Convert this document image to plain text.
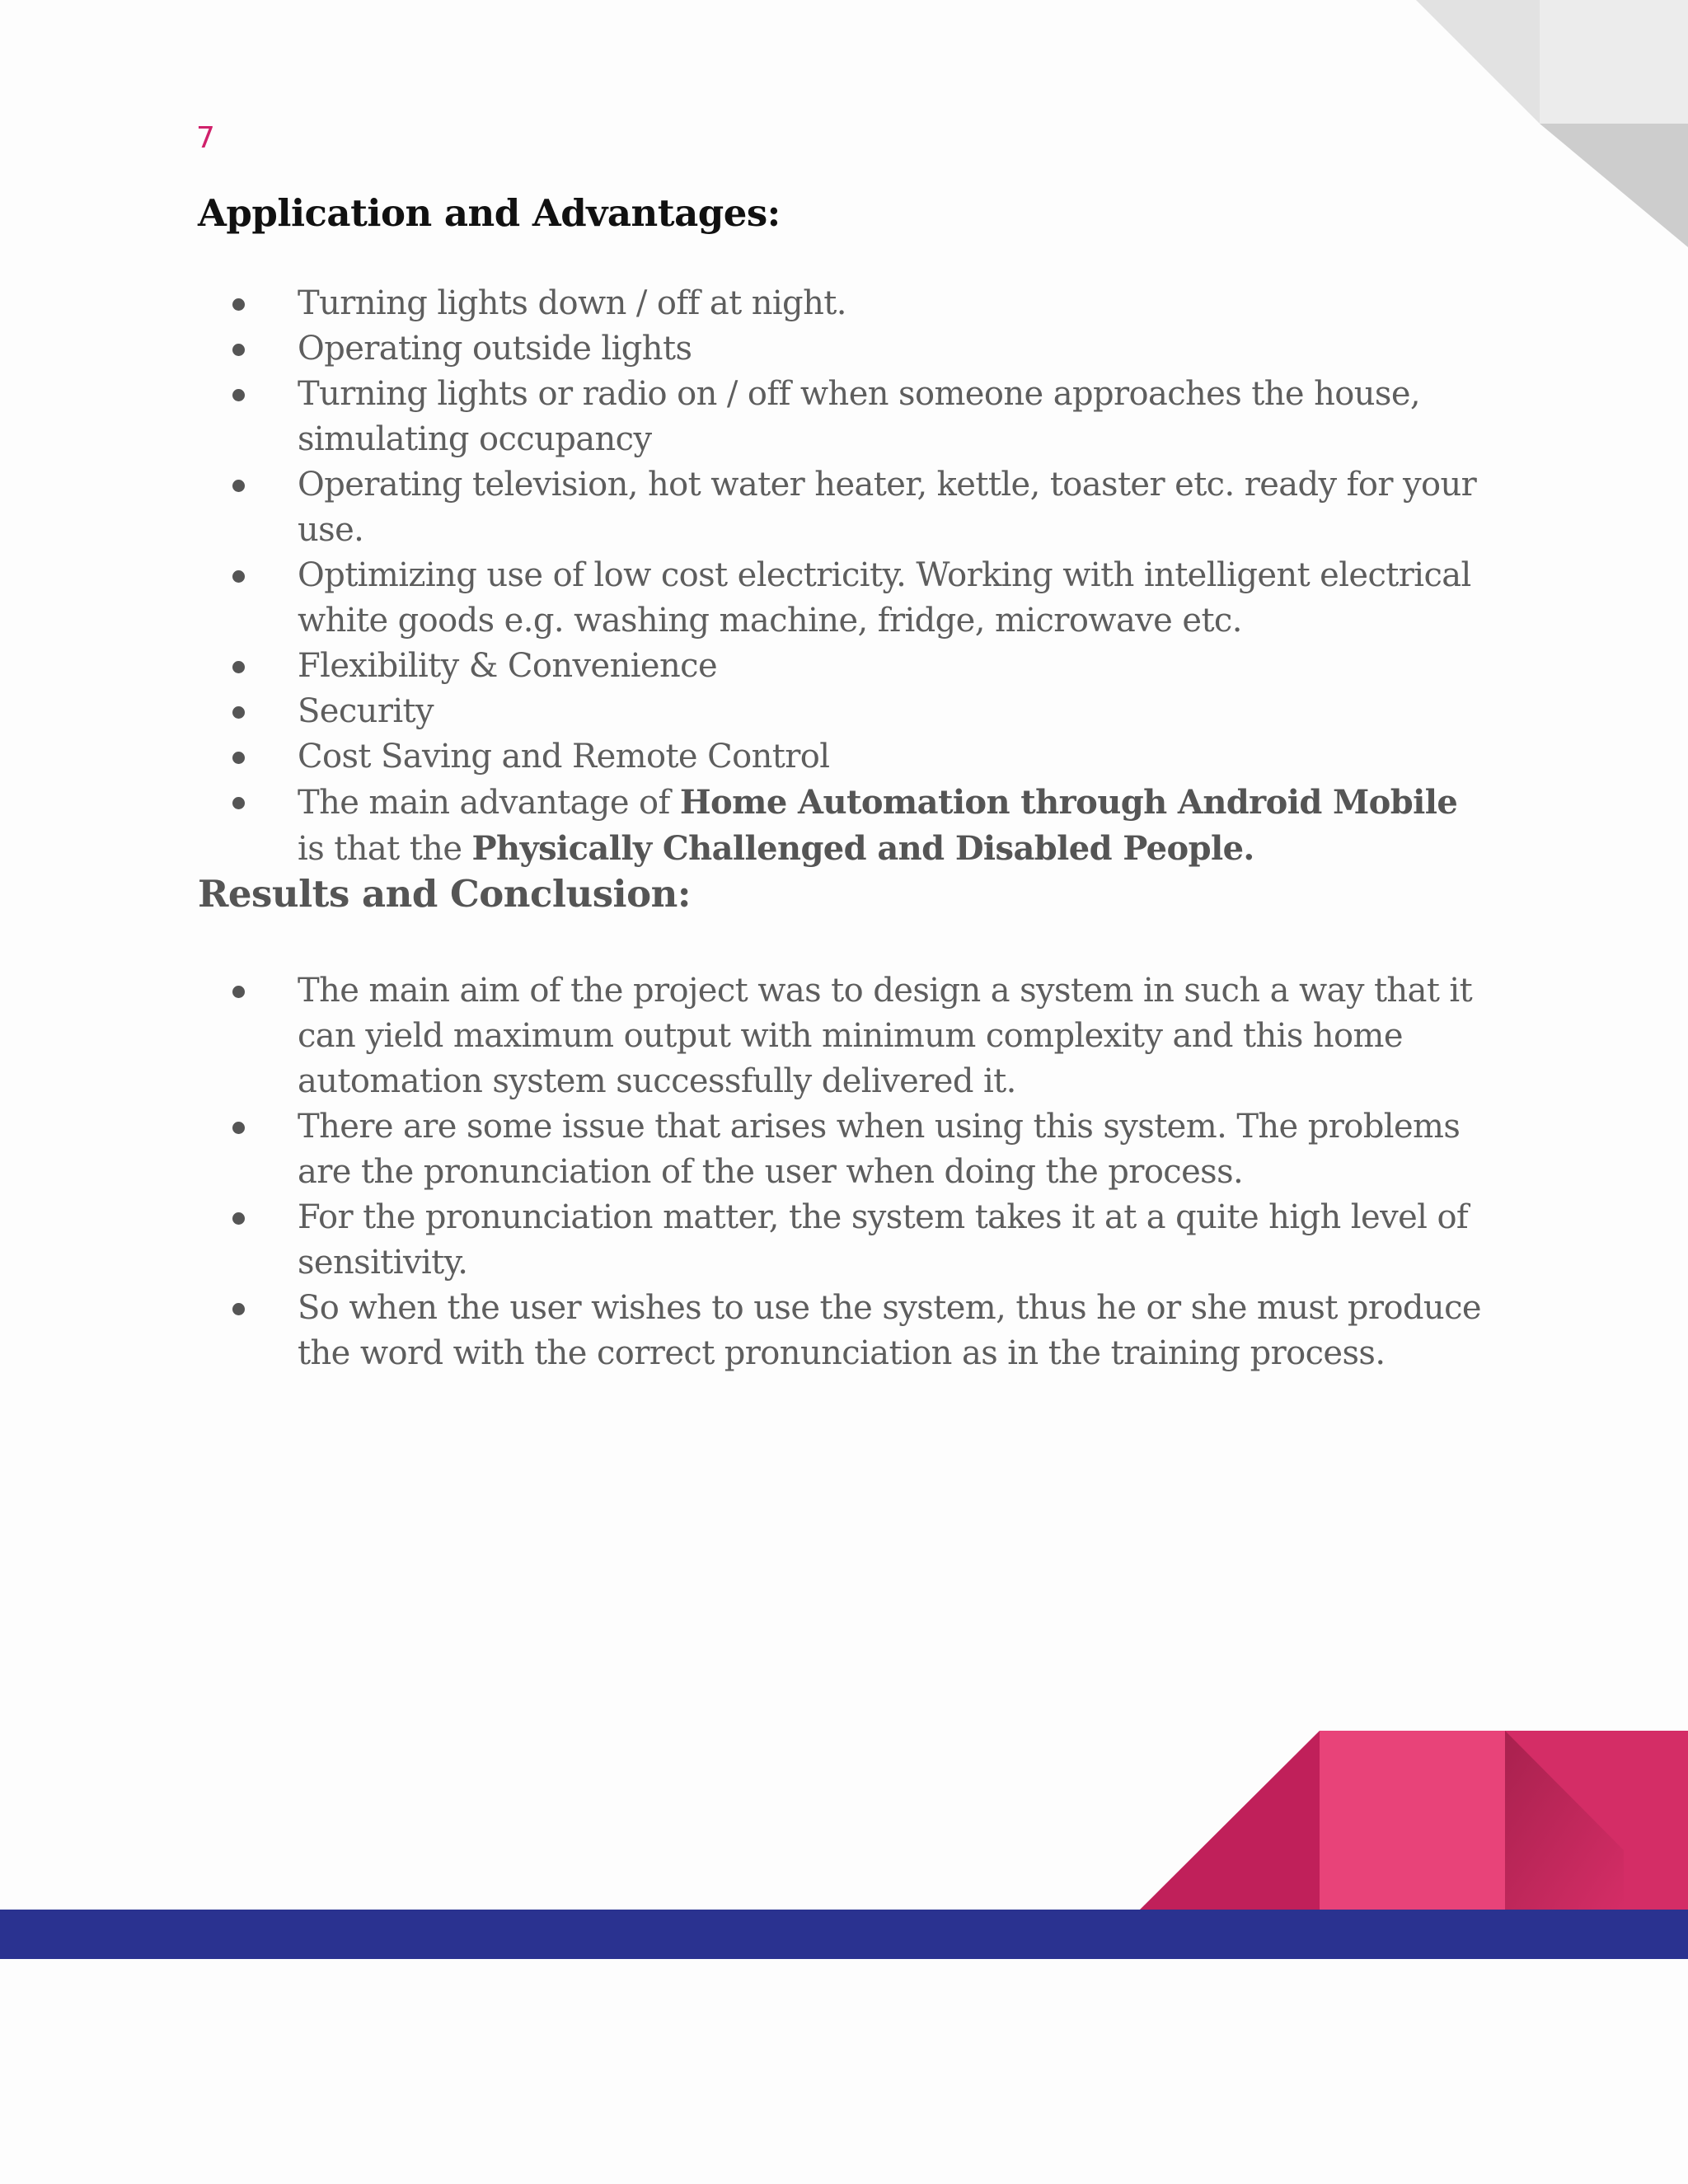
7
Application and Advantages:
Turning lights down / off at night.
Operating outside lights
Turning lights or radio on / off when someone approaches the house, simulating occupancy
Operating television, hot water heater, kettle, toaster etc. ready for your use.
Optimizing use of low cost electricity. Working with intelligent electrical white goods e.g. washing machine, fridge, microwave etc.
Flexibility & Convenience
Security
Cost Saving and Remote Control
The main advantage of Home Automation through Android Mobile is that the Physically Challenged and Disabled People.
Results and Conclusion:
The main aim of the project was to design a system in such a way that it can yield maximum output with minimum complexity and this home automation system successfully delivered it.
There are some issue that arises when using this system. The problems are the pronunciation of the user when doing the process.
For the pronunciation matter, the system takes it at a quite high level of sensitivity.
So when the user wishes to use the system, thus he or she must produce the word with the correct pronunciation as in the training process.
